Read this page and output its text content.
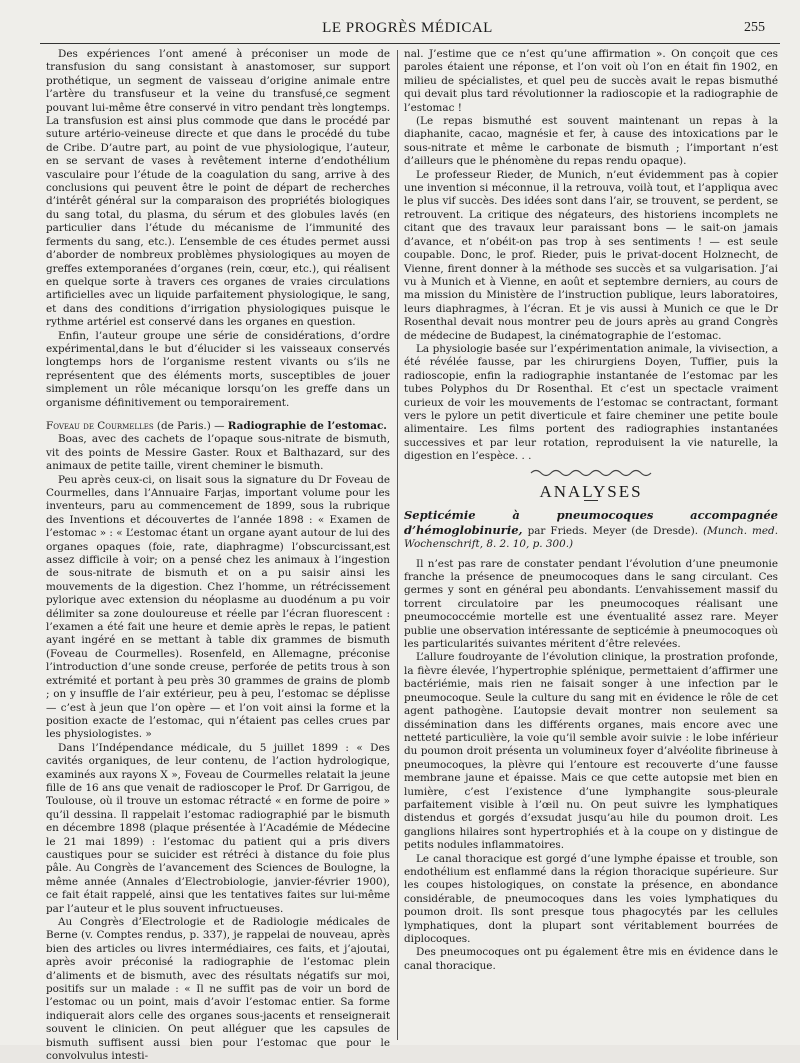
LE PROGRÈS MÉDICAL	255

Des expériences l’ont amené à préconiser un mode de transfusion du sang consistant à anastomoser, sur support prothétique, un segment de vaisseau d’origine animale entre l’artère du transfuseur et la veine du transfusé,ce segment pouvant lui-même être conservé in vitro pendant très longtemps. La transfusion est ainsi plus commode que dans le procédé par suture artério-veineuse directe et que dans le procédé du tube de Cribe. D’autre part, au point de vue physiologique, l’auteur, en se servant de vases à revêtement interne d’endothélium vasculaire pour l’étude de la coagulation du sang, arrive à des conclusions qui peuvent être le point de départ de recherches d’intérêt général sur la comparaison des propriétés biologiques du sang total, du plasma, du sérum et des globules lavés (en particulier dans l’étude du mécanisme de l’immunité des ferments du sang, etc.). L’ensemble de ces études permet aussi d’aborder de nombreux problèmes physiologiques au moyen de greffes extemporanées d’organes (rein, cœur, etc.), qui réalisent en quelque sorte à travers ces organes de vraies circulations artificielles avec un liquide parfaitement physiologique, le sang, et dans des conditions d’irrigation physiologiques puisque le rythme artériel est conservé dans les organes en question.

Enfin, l’auteur groupe une série de considérations, d’ordre expérimental,dans le but d’élucider si les vaisseaux conservés longtemps hors de l’organisme restent vivants ou s’ils ne représentent que des éléments morts, susceptibles de jouer simplement un rôle mécanique lorsqu’on les greffe dans un organisme définitivement ou temporairement.

Foveau de Courmelles (de Paris.) — Radiographie de l’estomac.

Boas, avec des cachets de l’opaque sous-nitrate de bismuth, vit des points de Messire Gaster. Roux et Balthazard, sur des animaux de petite taille, virent cheminer le bismuth.

Peu après ceux-ci, on lisait sous la signature du Dr Foveau de Courmelles, dans l’Annuaire Farjas, important volume pour les inventeurs, paru au commencement de 1899, sous la rubrique des Inventions et découvertes de l’année 1898 : « Examen de l’estomac » : « L’estomac étant un organe ayant autour de lui des organes opaques (foie, rate, diaphragme) l’obscurcissant,est assez difficile à voir; on a pensé chez les animaux à l’ingestion de sous-nitrate de bismuth et on a pu saisir ainsi les mouvements de la digestion. Chez l’homme, un rétrécissement pylorique avec extension du néoplasme au duodénum a pu voir délimiter sa zone douloureuse et réelle par l’écran fluorescent : l’examen a été fait une heure et demie après le repas, le patient ayant ingéré en se mettant à table dix grammes de bismuth (Foveau de Courmelles). Rosenfeld, en Allemagne, préconise l’introduction d’une sonde creuse, perforée de petits trous à son extrémité et portant à peu près 30 grammes de grains de plomb ; on y insuffle de l’air extérieur, peu à peu, l’estomac se déplisse — c’est à jeun que l’on opère — et l’on voit ainsi la forme et la position exacte de l’estomac, qui n’étaient pas celles crues par les physiologistes. »

Dans l’Indépendance médicale, du 5 juillet 1899 : « Des cavités organiques, de leur contenu, de l’action hydrologique, examinés aux rayons X », Foveau de Courmelles relatait la jeune fille de 16 ans que venait de radioscoper le Prof. Dr Garrigou, de Toulouse, où il trouve un estomac rétracté « en forme de poire » qu’il dessina. Il rappelait l’estomac radiographié par le bismuth en décembre 1898 (plaque présentée à l’Académie de Médecine le 21 mai 1899) : l’estomac du patient qui a pris divers caustiques pour se suicider est rétréci à distance du foie plus pâle. Au Congrès de l’avancement des Sciences de Boulogne, la même année (Annales d’Electrobiologie, janvier-février 1900), ce fait était rappelé, ainsi que les tentatives faites sur lui-même par l’auteur et le plus souvent infructueuses.

Au Congrès d’Electrologie et de Radiologie médicales de Berne (v. Comptes rendus, p. 337), je rappelai de nouveau, après bien des articles ou livres intermédiaires, ces faits, et j’ajoutai, après avoir préconisé la radiographie de l’estomac plein d’aliments et de bismuth, avec des résultats négatifs sur moi, positifs sur un malade : « Il ne suffit pas de voir un bord de l’estomac ou un point, mais d’avoir l’estomac entier. Sa forme indiquerait alors celle des organes sous-jacents et renseignerait souvent le clinicien. On peut alléguer que les capsules de bismuth suffisent aussi bien pour l’estomac que pour le convolvulus intesti-

nal. J’estime que ce n’est qu’une affirmation ». On conçoit que ces paroles étaient une réponse, et l’on voit où l’on en était fin 1902, en milieu de spécialistes, et quel peu de succès avait le repas bismuthé qui devait plus tard révolutionner la radioscopie et la radiographie de l’estomac !

(Le repas bismuthé est souvent maintenant un repas à la diaphanite, cacao, magnésie et fer, à cause des intoxications par le sous-nitrate et même le carbonate de bismuth ; l’important n’est d’ailleurs que le phénomène du repas rendu opaque).

Le professeur Rieder, de Munich, n’eut évidemment pas à copier une invention si méconnue, il la retrouva, voilà tout, et l’appliqua avec le plus vif succès. Des idées sont dans l’air, se trouvent, se perdent, se retrouvent. La critique des négateurs, des historiens incomplets ne citant que des travaux leur paraissant bons — le sait-on jamais d’avance, et n’obéit-on pas trop à ses sentiments ! — est seule coupable. Donc, le prof. Rieder, puis le privat-docent Holznecht, de Vienne, firent donner à la méthode ses succès et sa vulgarisation. J’ai vu à Munich et à Vienne, en août et septembre derniers, au cours de ma mission du Ministère de l’instruction publique, leurs laboratoires, leurs diaphragmes, à l’écran. Et je vis aussi à Munich ce que le Dr Rosenthal devait nous montrer peu de jours après au grand Congrès de médecine de Budapest, la cinématographie de l’estomac.

La physiologie basée sur l’expérimentation animale, la vivisection, a été révélée fausse, par les chirurgiens Doyen, Tuffier, puis la radioscopie, enfin la radiographie instantanée de l’estomac par les tubes Polyphos du Dr Rosenthal. Et c’est un spectacle vraiment curieux de voir les mouvements de l’estomac se contractant, formant vers le pylore un petit diverticule et faire cheminer une petite boule alimentaire. Les films portent des radiographies instantanées successives et par leur rotation, reproduisent la vie naturelle, la digestion en l’espèce. . .

ANALYSES

Septicémie à pneumocoques accompagnée d’hémoglobinurie, par Frieds. Meyer (de Dresde). (Munch. med. Wochenschrift, 8. 2. 10, p. 300.)

Il n’est pas rare de constater pendant l’évolution d’une pneumonie franche la présence de pneumocoques dans le sang circulant. Ces germes y sont en général peu abondants. L’envahissement massif du torrent circulatoire par les pneumocoques réalisant une pneumococcémie mortelle est une éventualité assez rare. Meyer publie une observation intéressante de septicémie à pneumocoques où les particularités suivantes méritent d’être relevées.

L’allure foudroyante de l’évolution clinique, la prostration profonde, la fièvre élevée, l’hypertrophie splénique, permettaient d’affirmer une bactériémie, mais rien ne faisait songer à une infection par le pneumocoque. Seule la culture du sang mit en évidence le rôle de cet agent pathogène. L’autopsie devait montrer non seulement sa dissémination dans les différents organes, mais encore avec une netteté particulière, la voie qu’il semble avoir suivie : le lobe inférieur du poumon droit présenta un volumineux foyer d’alvéolite fibrineuse à pneumocoques, la plèvre qui l’entoure est recouverte d’une fausse membrane jaune et épaisse. Mais ce que cette autopsie met bien en lumière, c’est l’existence d’une lymphangite sous-pleurale parfaitement visible à l’œil nu. On peut suivre les lymphatiques distendus et gorgés d’exsudat jusqu’au hile du poumon droit. Les ganglions hilaires sont hypertrophiés et à la coupe on y distingue de petits nodules inflammatoires.

Le canal thoracique est gorgé d’une lymphe épaisse et trouble, son endothélium est enflammé dans la région thoracique supérieure. Sur les coupes histologiques, on constate la présence, en abondance considérable, de pneumocoques dans les voies lymphatiques du poumon droit. Ils sont presque tous phagocytés par les cellules lymphatiques, dont la plupart sont véritablement bourrées de diplocoques.

Des pneumocoques ont pu également être mis en évidence dans le canal thoracique.
